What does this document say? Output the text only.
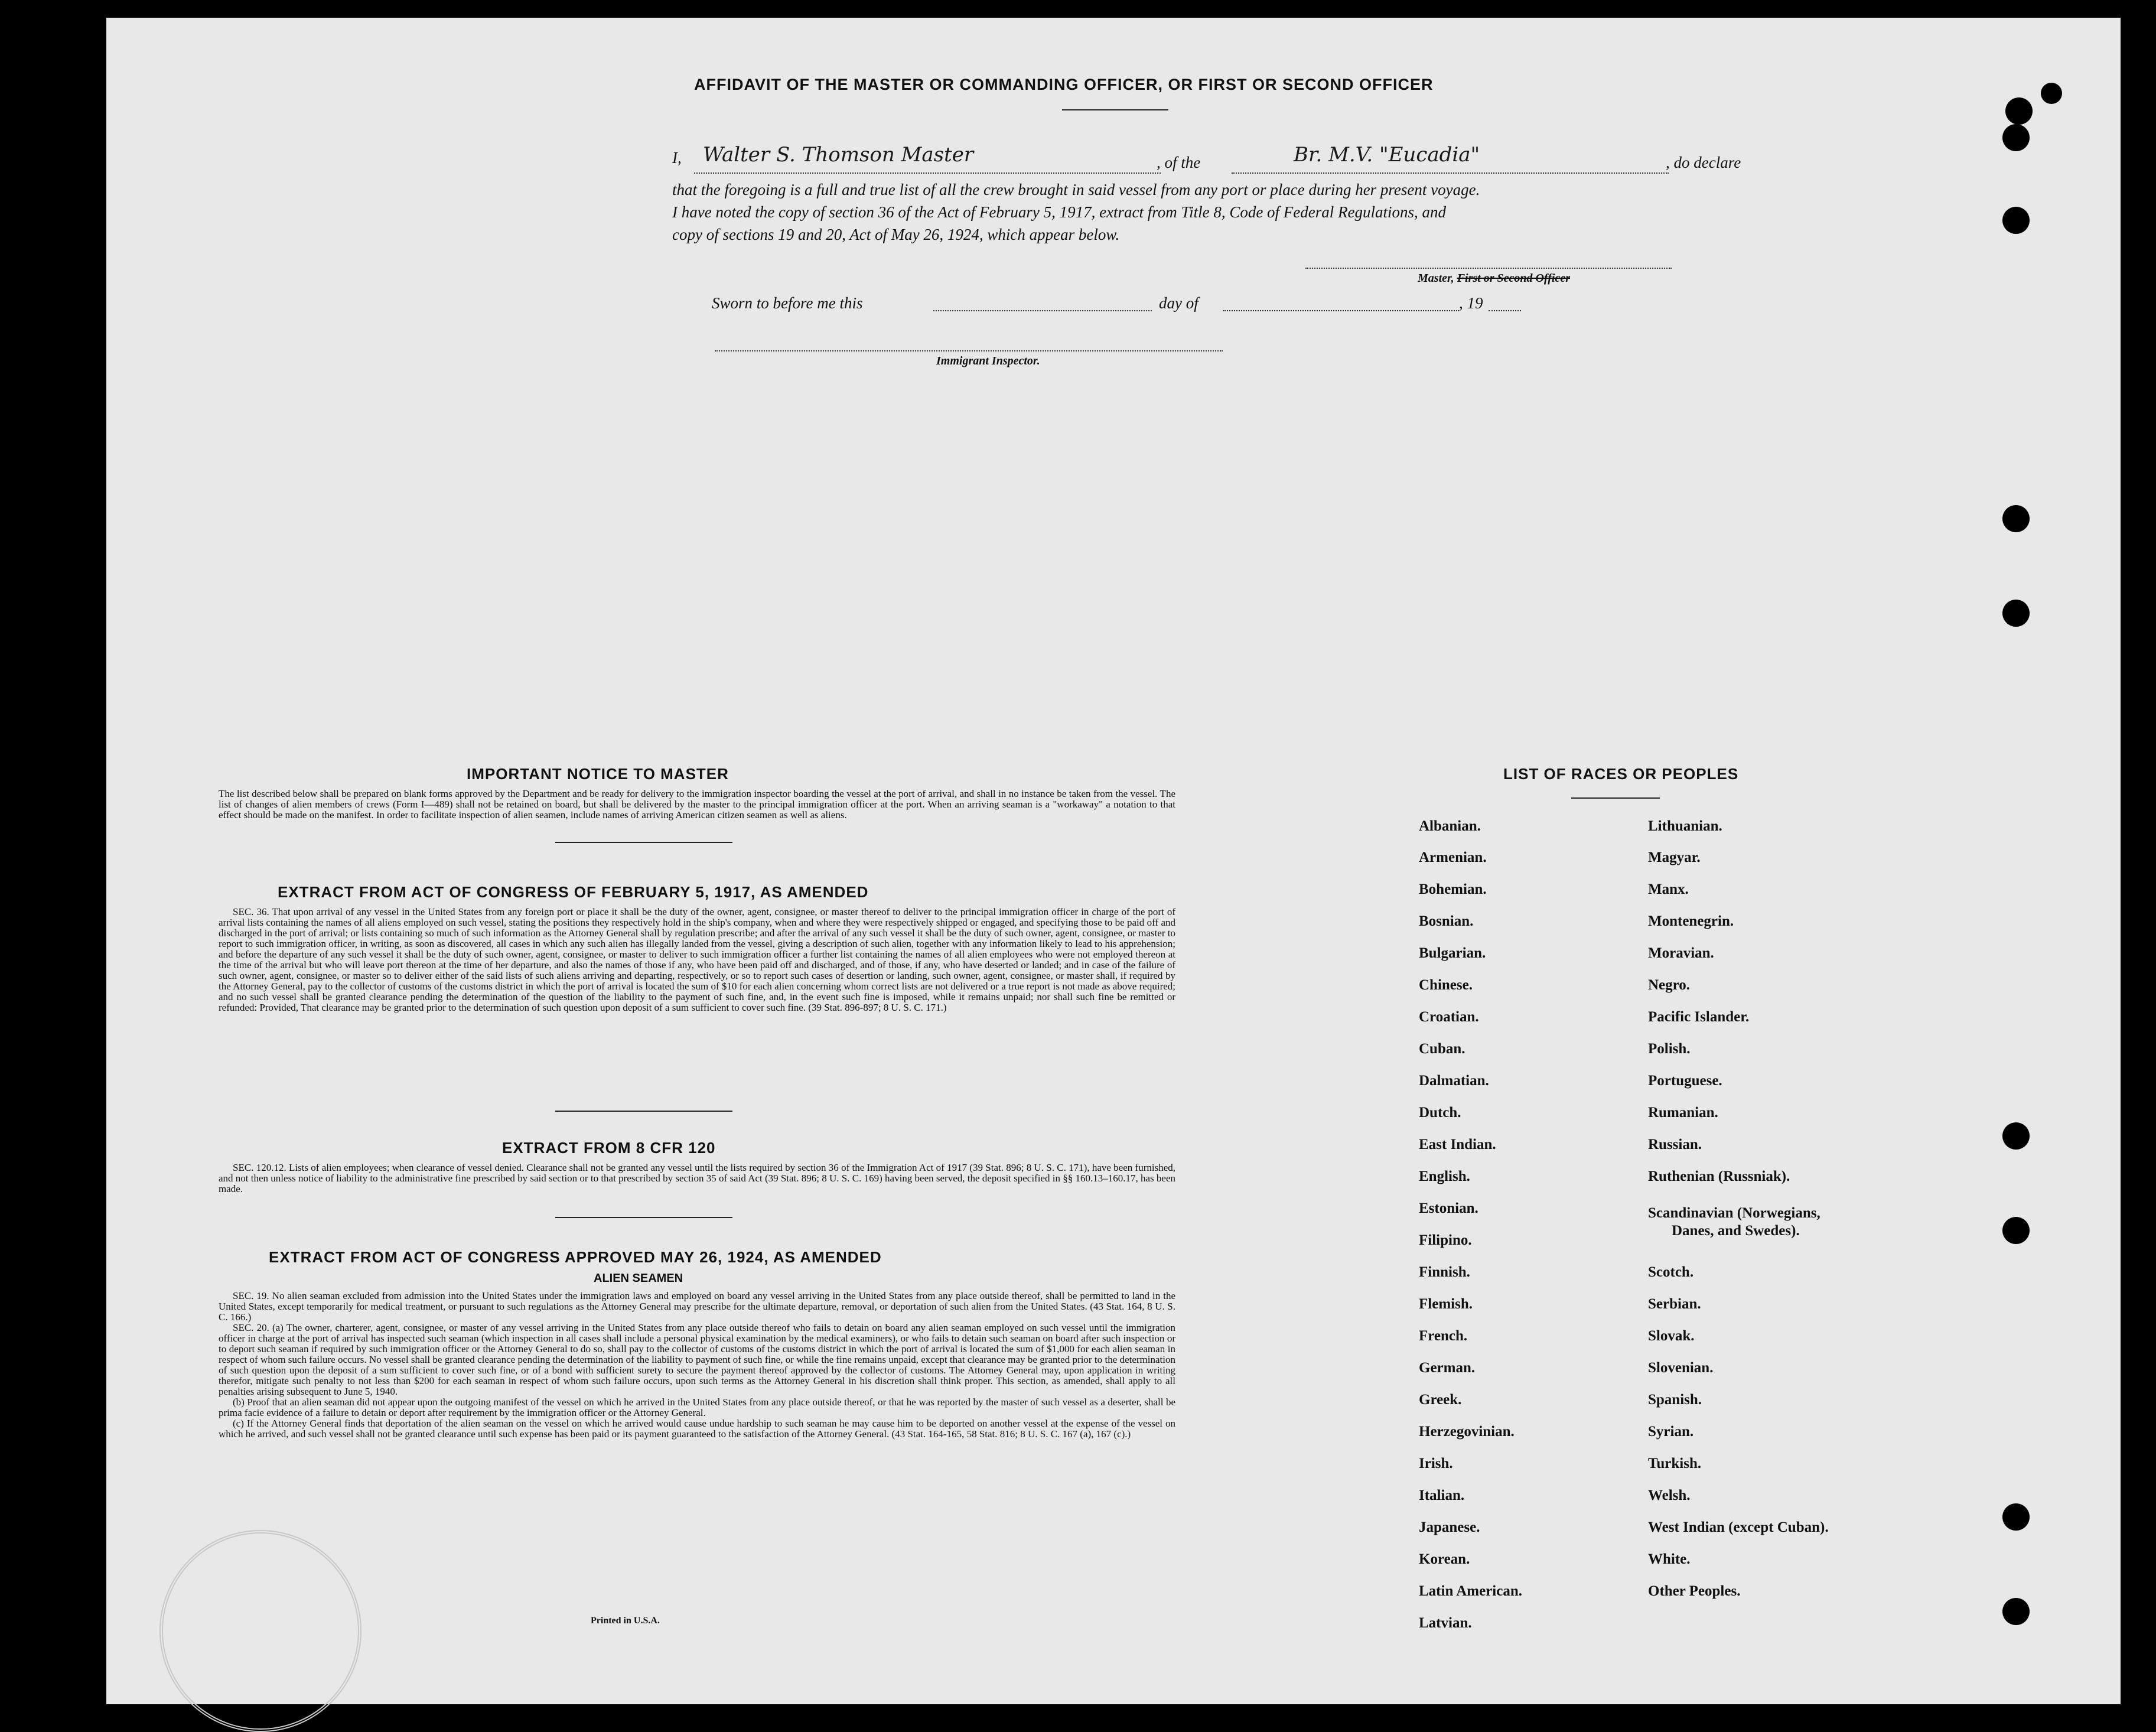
AFFIDAVIT OF THE MASTER OR COMMANDING OFFICER, OR FIRST OR SECOND OFFICER
I,	Walter S. Thomson Master	, of the	Br. M.V. "Eucadia"	, do declare
that the foregoing is a full and true list of all the crew brought in said vessel from any port or place during her present voyage.
I have noted the copy of section 36 of the Act of February 5, 1917, extract from Title 8, Code of Federal Regulations, and
copy of sections 19 and 20, Act of May 26, 1924, which appear below.
Master, First or Second Officer
Sworn to before me this	day of	, 19
Immigrant Inspector.
IMPORTANT NOTICE TO MASTER
The list described below shall be prepared on blank forms approved by the Department and be ready for delivery to the immigration inspector boarding the vessel at the port of arrival, and shall in no instance be taken from the vessel. The list of changes of alien members of crews (Form I—489) shall not be retained on board, but shall be delivered by the master to the principal immigration officer at the port. When an arriving seaman is a "workaway" a notation to that effect should be made on the manifest. In order to facilitate inspection of alien seamen, include names of arriving American citizen seamen as well as aliens.
EXTRACT FROM ACT OF CONGRESS OF FEBRUARY 5, 1917, AS AMENDED
SEC. 36. That upon arrival of any vessel in the United States from any foreign port or place it shall be the duty of the owner, agent, consignee, or master thereof to deliver to the principal immigration officer in charge of the port of arrival lists containing the names of all aliens employed on such vessel, stating the positions they respectively hold in the ship's company, when and where they were respectively shipped or engaged, and specifying those to be paid off and discharged in the port of arrival; or lists containing so much of such information as the Attorney General shall by regulation prescribe; and after the arrival of any such vessel it shall be the duty of such owner, agent, consignee, or master to report to such immigration officer, in writing, as soon as discovered, all cases in which any such alien has illegally landed from the vessel, giving a description of such alien, together with any information likely to lead to his apprehension; and before the departure of any such vessel it shall be the duty of such owner, agent, consignee, or master to deliver to such immigration officer a further list containing the names of all alien employees who were not employed thereon at the time of the arrival but who will leave port thereon at the time of her departure, and also the names of those if any, who have been paid off and discharged, and of those, if any, who have deserted or landed; and in case of the failure of such owner, agent, consignee, or master so to deliver either of the said lists of such aliens arriving and departing, respectively, or so to report such cases of desertion or landing, such owner, agent, consignee, or master shall, if required by the Attorney General, pay to the collector of customs of the customs district in which the port of arrival is located the sum of $10 for each alien concerning whom correct lists are not delivered or a true report is not made as above required; and no such vessel shall be granted clearance pending the determination of the question of the liability to the payment of such fine, and, in the event such fine is imposed, while it remains unpaid; nor shall such fine be remitted or refunded: Provided, That clearance may be granted prior to the determination of such question upon deposit of a sum sufficient to cover such fine. (39 Stat. 896-897; 8 U. S. C. 171.)
EXTRACT FROM 8 CFR 120
SEC. 120.12. Lists of alien employees; when clearance of vessel denied. Clearance shall not be granted any vessel until the lists required by section 36 of the Immigration Act of 1917 (39 Stat. 896; 8 U. S. C. 171), have been furnished, and not then unless notice of liability to the administrative fine prescribed by said section or to that prescribed by section 35 of said Act (39 Stat. 896; 8 U. S. C. 169) having been served, the deposit specified in §§ 160.13–160.17, has been made.
EXTRACT FROM ACT OF CONGRESS APPROVED MAY 26, 1924, AS AMENDED
ALIEN SEAMEN
SEC. 19. No alien seaman excluded from admission into the United States under the immigration laws and employed on board any vessel arriving in the United States from any place outside thereof, shall be permitted to land in the United States, except temporarily for medical treatment, or pursuant to such regulations as the Attorney General may prescribe for the ultimate departure, removal, or deportation of such alien from the United States. (43 Stat. 164, 8 U. S. C. 166.)
SEC. 20. (a) The owner, charterer, agent, consignee, or master of any vessel arriving in the United States from any place outside thereof who fails to detain on board any alien seaman employed on such vessel until the immigration officer in charge at the port of arrival has inspected such seaman (which inspection in all cases shall include a personal physical examination by the medical examiners), or who fails to detain such seaman on board after such inspection or to deport such seaman if required by such immigration officer or the Attorney General to do so, shall pay to the collector of customs of the customs district in which the port of arrival is located the sum of $1,000 for each alien seaman in respect of whom such failure occurs. No vessel shall be granted clearance pending the determination of the liability to payment of such fine, or while the fine remains unpaid, except that clearance may be granted prior to the determination of such question upon the deposit of a sum sufficient to cover such fine, or of a bond with sufficient surety to secure the payment thereof approved by the collector of customs. The Attorney General may, upon application in writing therefor, mitigate such penalty to not less than $200 for each seaman in respect of whom such failure occurs, upon such terms as the Attorney General in his discretion shall think proper. This section, as amended, shall apply to all penalties arising subsequent to June 5, 1940.
(b) Proof that an alien seaman did not appear upon the outgoing manifest of the vessel on which he arrived in the United States from any place outside thereof, or that he was reported by the master of such vessel as a deserter, shall be prima facie evidence of a failure to detain or deport after requirement by the immigration officer or the Attorney General.
(c) If the Attorney General finds that deportation of the alien seaman on the vessel on which he arrived would cause undue hardship to such seaman he may cause him to be deported on another vessel at the expense of the vessel on which he arrived, and such vessel shall not be granted clearance until such expense has been paid or its payment guaranteed to the satisfaction of the Attorney General. (43 Stat. 164-165, 58 Stat. 816; 8 U. S. C. 167 (a), 167 (c).)
Printed in U.S.A.
LIST OF RACES OR PEOPLES
Albanian.
Armenian.
Bohemian.
Bosnian.
Bulgarian.
Chinese.
Croatian.
Cuban.
Dalmatian.
Dutch.
East Indian.
English.
Estonian.
Filipino.
Finnish.
Flemish.
French.
German.
Greek.
Herzegovinian.
Irish.
Italian.
Japanese.
Korean.
Latin American.
Latvian.
Lithuanian.
Magyar.
Manx.
Montenegrin.
Moravian.
Negro.
Pacific Islander.
Polish.
Portuguese.
Rumanian.
Russian.
Ruthenian (Russniak).
Scandinavian (Norwegians,
Danes, and Swedes).
Scotch.
Serbian.
Slovak.
Slovenian.
Spanish.
Syrian.
Turkish.
Welsh.
West Indian (except Cuban).
White.
Other Peoples.
